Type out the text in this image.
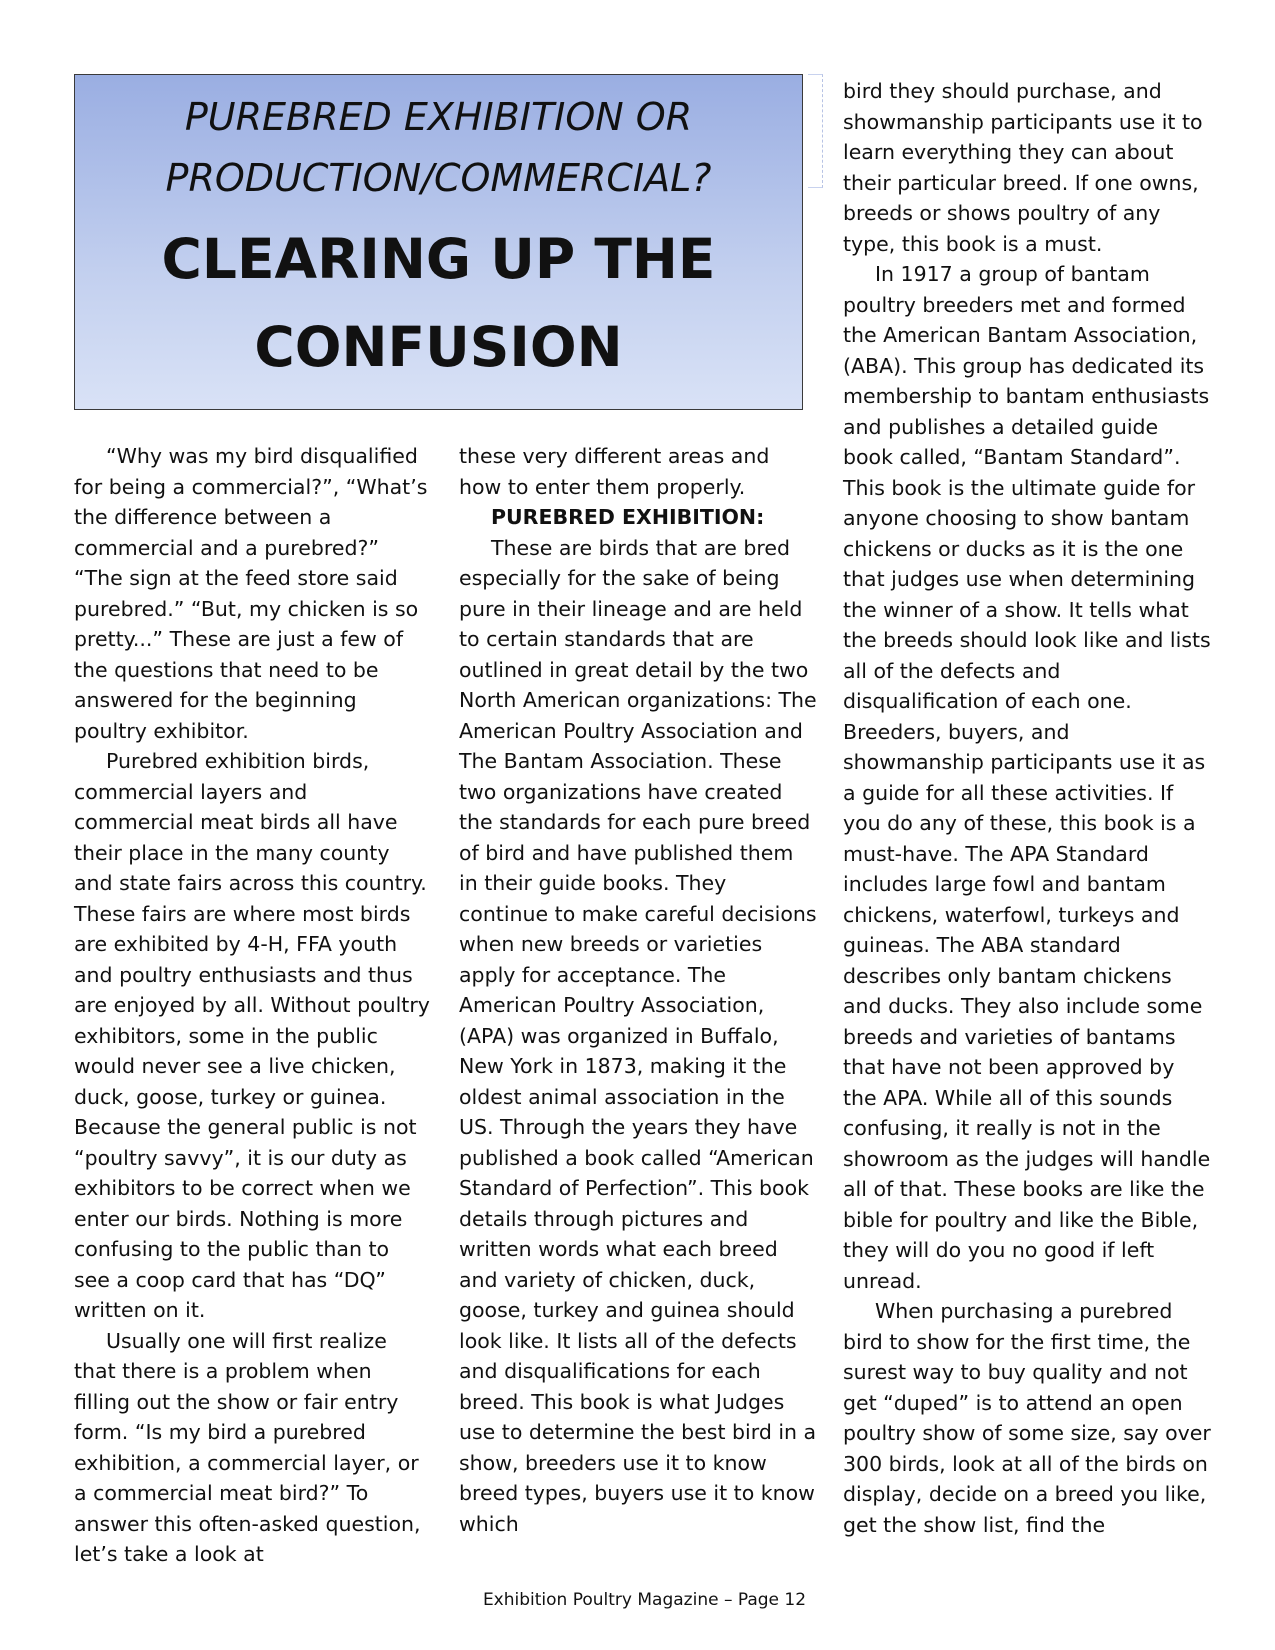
PUREBRED EXHIBITION OR
PRODUCTION/COMMERCIAL?
CLEARING UP THE
CONFUSION

“Why was my bird disqualified for being a commercial?”, “What’s the difference between a commercial and a purebred?” “The sign at the feed store said purebred.” “But, my chicken is so pretty...” These are just a few of the questions that need to be answered for the beginning poultry exhibitor.

Purebred exhibition birds, commercial layers and commercial meat birds all have their place in the many county and state fairs across this country. These fairs are where most birds are exhibited by 4-H, FFA youth and poultry enthusiasts and thus are enjoyed by all. Without poultry exhibitors, some in the public would never see a live chicken, duck, goose, turkey or guinea. Because the general public is not “poultry savvy”, it is our duty as exhibitors to be correct when we enter our birds. Nothing is more confusing to the public than to see a coop card that has “DQ” written on it.

Usually one will first realize that there is a problem when filling out the show or fair entry form. “Is my bird a purebred exhibition, a commercial layer, or a commercial meat bird?” To answer this often-asked question, let’s take a look at

these very different areas and how to enter them properly.

PUREBRED EXHIBITION:

These are birds that are bred especially for the sake of being pure in their lineage and are held to certain standards that are outlined in great detail by the two North American organizations: The American Poultry Association and The Bantam Association. These two organizations have created the standards for each pure breed of bird and have published them in their guide books. They continue to make careful decisions when new breeds or varieties apply for acceptance. The American Poultry Association, (APA) was organized in Buffalo, New York in 1873, making it the oldest animal association in the US. Through the years they have published a book called “American Standard of Perfection”. This book details through pictures and written words what each breed and variety of chicken, duck, goose, turkey and guinea should look like. It lists all of the defects and disqualifications for each breed. This book is what Judges use to determine the best bird in a show, breeders use it to know breed types, buyers use it to know which

bird they should purchase, and showmanship participants use it to learn everything they can about their particular breed. If one owns, breeds or shows poultry of any type, this book is a must.

In 1917 a group of bantam poultry breeders met and formed the American Bantam Association, (ABA). This group has dedicated its membership to bantam enthusiasts and publishes a detailed guide book called, “Bantam Standard”. This book is the ultimate guide for anyone choosing to show bantam chickens or ducks as it is the one that judges use when determining the winner of a show. It tells what the breeds should look like and lists all of the defects and disqualification of each one. Breeders, buyers, and showmanship participants use it as a guide for all these activities. If you do any of these, this book is a must-have. The APA Standard includes large fowl and bantam chickens, waterfowl, turkeys and guineas. The ABA standard describes only bantam chickens and ducks. They also include some breeds and varieties of bantams that have not been approved by the APA. While all of this sounds confusing, it really is not in the showroom as the judges will handle all of that. These books are like the bible for poultry and like the Bible, they will do you no good if left unread.

When purchasing a purebred bird to show for the first time, the surest way to buy quality and not get “duped” is to attend an open poultry show of some size, say over 300 birds, look at all of the birds on display, decide on a breed you like, get the show list, find the

Exhibition Poultry Magazine – Page 12
